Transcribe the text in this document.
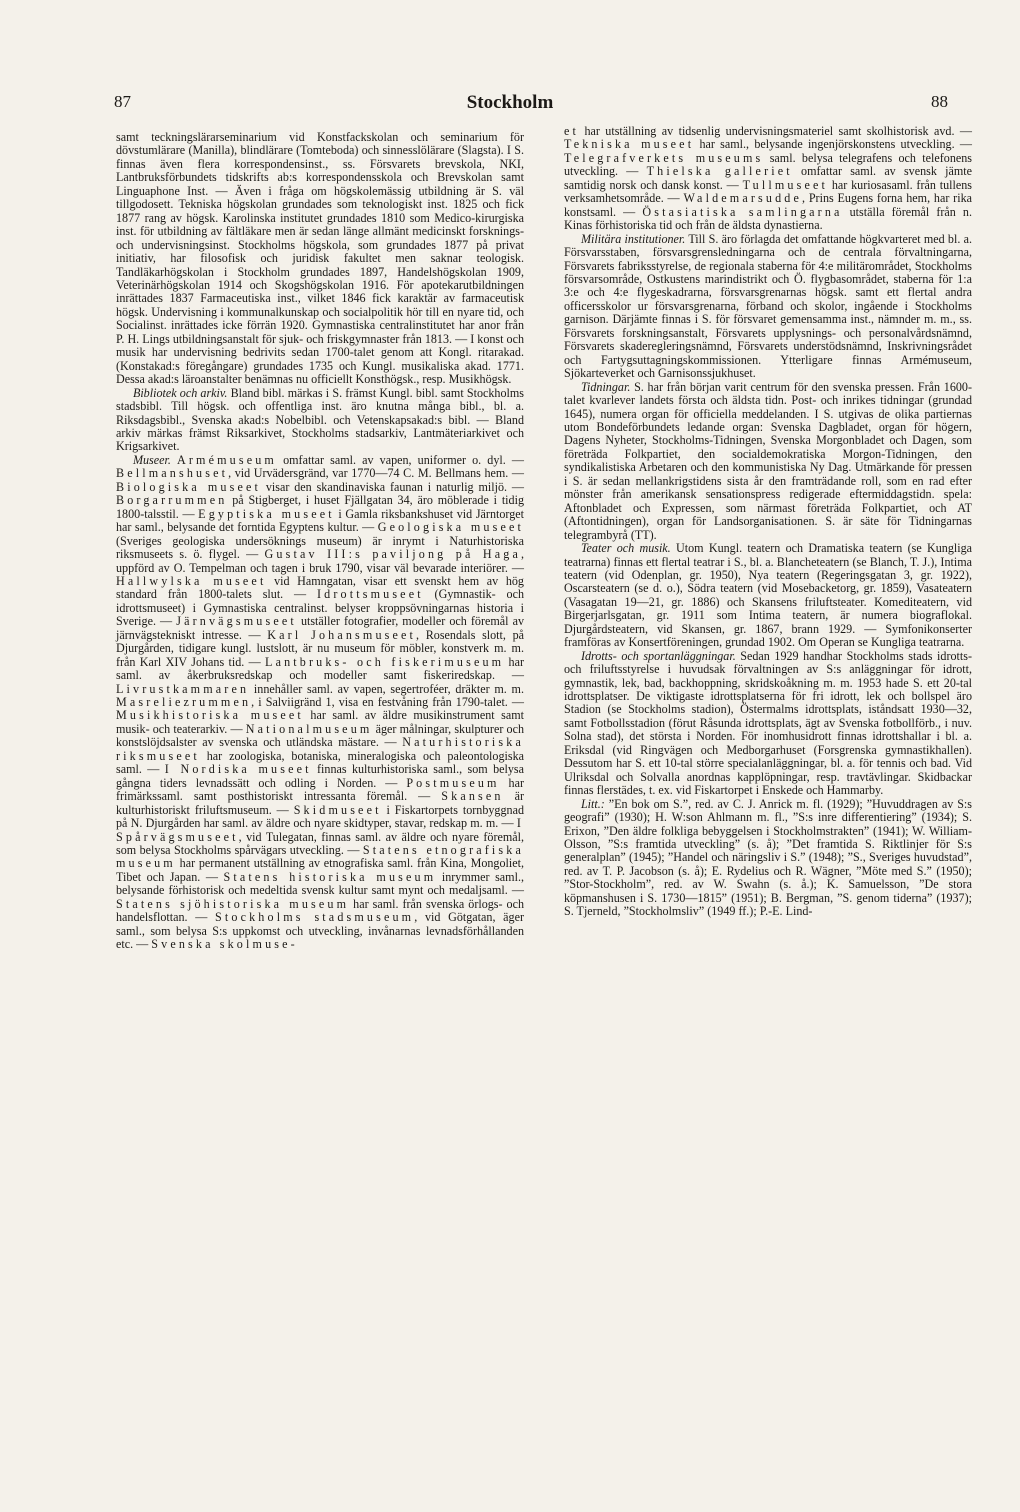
87	Stockholm	88

samt teckningslärarseminarium vid Konstfackskolan och seminarium för dövstumlärare (Manilla), blindlärare (Tomteboda) och sinnesslölärare (Slagsta). I S. finnas även flera korrespondensinst., ss. Försvarets brevskola, NKI, Lantbruksförbundets tidskrifts ab:s korrespondensskola och Brevskolan samt Linguaphone Inst. — Även i fråga om högskolemässig utbildning är S. väl tillgodosett. Tekniska högskolan grundades som teknologiskt inst. 1825 och fick 1877 rang av högsk. Karolinska institutet grundades 1810 som Medico-kirurgiska inst. för utbildning av fältläkare men är sedan länge allmänt medicinskt forsknings- och undervisningsinst. Stockholms högskola, som grundades 1877 på privat initiativ, har filosofisk och juridisk fakultet men saknar teologisk. Tandläkarhögskolan i Stockholm grundades 1897, Handelshögskolan 1909, Veterinärhögskolan 1914 och Skogshögskolan 1916. För apotekarutbildningen inrättades 1837 Farmaceutiska inst., vilket 1846 fick karaktär av farmaceutisk högsk. Undervisning i kommunalkunskap och socialpolitik hör till en nyare tid, och Socialinst. inrättades icke förrän 1920. Gymnastiska centralinstitutet har anor från P. H. Lings utbildningsanstalt för sjuk- och friskgymnaster från 1813. — I konst och musik har undervisning bedrivits sedan 1700-talet genom att Kongl. ritarakad. (Konstakad:s föregångare) grundades 1735 och Kungl. musikaliska akad. 1771. Dessa akad:s läroanstalter benämnas nu officiellt Konsthögsk., resp. Musikhögsk.

Bibliotek och arkiv. Bland bibl. märkas i S. främst Kungl. bibl. samt Stockholms stadsbibl. Till högsk. och offentliga inst. äro knutna många bibl., bl. a. Riksdagsbibl., Svenska akad:s Nobelbibl. och Vetenskapsakad:s bibl. — Bland arkiv märkas främst Riksarkivet, Stockholms stadsarkiv, Lantmäteriarkivet och Krigsarkivet.

Museer. Armémuseum omfattar saml. av vapen, uniformer o. dyl. — Bellmanshuset, vid Urvädersgränd, var 1770—74 C. M. Bellmans hem. — Biologiska museet visar den skandinaviska faunan i naturlig miljö. — Borgarrummen på Stigberget, i huset Fjällgatan 34, äro möblerade i tidig 1800-talsstil. — Egyptiska museet i Gamla riksbankshuset vid Järntorget har saml., belysande det forntida Egyptens kultur. — Geologiska museet (Sveriges geologiska undersöknings museum) är inrymt i Naturhistoriska riksmuseets s. ö. flygel. — Gustav III:s paviljong på Haga, uppförd av O. Tempelman och tagen i bruk 1790, visar väl bevarade interiörer. — Hallwylska museet vid Hamngatan, visar ett svenskt hem av hög standard från 1800-talets slut. — Idrottsmuseet (Gymnastik- och idrottsmuseet) i Gymnastiska centralinst. belyser kroppsövningarnas historia i Sverige. — Järnvägsmuseet utställer fotografier, modeller och föremål av järnvägstekniskt intresse. — Karl Johansmuseet, Rosendals slott, på Djurgården, tidigare kungl. lustslott, är nu museum för möbler, konstverk m. m. från Karl XIV Johans tid. — Lantbruks- och fiskerimuseum har saml. av åkerbruksredskap och modeller samt fiskeriredskap. — Livrustkammaren innehåller saml. av vapen, segertroféer, dräkter m. m. Masreliezrummen, i Salviigränd 1, visa en festvåning från 1790-talet. — Musikhistoriska museet har saml. av äldre musikinstrument samt musik- och teaterarkiv. — Nationalmuseum äger målningar, skulpturer och konstslöjdsalster av svenska och utländska mästare. — Naturhistoriska riksmuseet har zoologiska, botaniska, mineralogiska och paleontologiska saml. — I Nordiska museet finnas kulturhistoriska saml., som belysa gångna tiders levnadssätt och odling i Norden. — Postmuseum har frimärkssaml. samt posthistoriskt intressanta föremål. — Skansen är kulturhistoriskt friluftsmuseum. — Skidmuseet i Fiskartorpets tornbyggnad på N. Djurgården har saml. av äldre och nyare skidtyper, stavar, redskap m. m. — I Spårvägsmuseet, vid Tulegatan, finnas saml. av äldre och nyare föremål, som belysa Stockholms spårvägars utveckling. — Statens etnografiska museum har permanent utställning av etnografiska saml. från Kina, Mongoliet, Tibet och Japan. — Statens historiska museum inrymmer saml., belysande förhistorisk och medeltida svensk kultur samt mynt och medaljsaml. — Statens sjöhistoriska museum har saml. från svenska örlogs- och handelsflottan. — Stockholms stadsmuseum, vid Götgatan, äger saml., som belysa S:s uppkomst och utveckling, invånarnas levnadsförhållanden etc. — Svenska skolmuse-

et har utställning av tidsenlig undervisningsmateriel samt skolhistorisk avd. — Tekniska museet har saml., belysande ingenjörskonstens utveckling. — Telegrafverkets museums saml. belysa telegrafens och telefonens utveckling. — Thielska galleriet omfattar saml. av svensk jämte samtidig norsk och dansk konst. — Tullmuseet har kuriosasaml. från tullens verksamhetsområde. — Waldemarsudde, Prins Eugens forna hem, har rika konstsaml. — Östasiatiska samlingarna utställa föremål från n. Kinas förhistoriska tid och från de äldsta dynastierna.

Militära institutioner. Till S. äro förlagda det omfattande högkvarteret med bl. a. Försvarsstaben, försvarsgrensledningarna och de centrala förvaltningarna, Försvarets fabriksstyrelse, de regionala staberna för 4:e militärområdet, Stockholms försvarsområde, Ostkustens marindistrikt och Ö. flygbasområdet, staberna för 1:a 3:e och 4:e flygeskadrarna, försvarsgrenarnas högsk. samt ett flertal andra officersskolor ur försvarsgrenarna, förband och skolor, ingående i Stockholms garnison. Därjämte finnas i S. för försvaret gemensamma inst., nämnder m. m., ss. Försvarets forskningsanstalt, Försvarets upplysnings- och personalvårdsnämnd, Försvarets skaderegleringsnämnd, Försvarets understödsnämnd, Inskrivningsrådet och Fartygsuttagningskommissionen. Ytterligare finnas Armémuseum, Sjökarteverket och Garnisonssjukhuset.

Tidningar. S. har från början varit centrum för den svenska pressen. Från 1600-talet kvarlever landets första och äldsta tidn. Post- och inrikes tidningar (grundad 1645), numera organ för officiella meddelanden. I S. utgivas de olika partiernas utom Bondeförbundets ledande organ: Svenska Dagbladet, organ för högern, Dagens Nyheter, Stockholms-Tidningen, Svenska Morgonbladet och Dagen, som företräda Folkpartiet, den socialdemokratiska Morgon-Tidningen, den syndikalistiska Arbetaren och den kommunistiska Ny Dag. Utmärkande för pressen i S. är sedan mellankrigstidens sista år den framträdande roll, som en rad efter mönster från amerikansk sensationspress redigerade eftermiddagstidn. spela: Aftonbladet och Expressen, som närmast företräda Folkpartiet, och AT (Aftontidningen), organ för Landsorganisationen. S. är säte för Tidningarnas telegrambyrå (TT).

Teater och musik. Utom Kungl. teatern och Dramatiska teatern (se Kungliga teatrarna) finnas ett flertal teatrar i S., bl. a. Blancheteatern (se Blanch, T. J.), Intima teatern (vid Odenplan, gr. 1950), Nya teatern (Regeringsgatan 3, gr. 1922), Oscarsteatern (se d. o.), Södra teatern (vid Mosebacketorg, gr. 1859), Vasateatern (Vasagatan 19—21, gr. 1886) och Skansens friluftsteater. Komediteatern, vid Birgerjarlsgatan, gr. 1911 som Intima teatern, är numera biograflokal. Djurgårdsteatern, vid Skansen, gr. 1867, brann 1929. — Symfonikonserter framföras av Konsertföreningen, grundad 1902. Om Operan se Kungliga teatrarna.

Idrotts- och sportanläggningar. Sedan 1929 handhar Stockholms stads idrotts- och friluftsstyrelse i huvudsak förvaltningen av S:s anläggningar för idrott, gymnastik, lek, bad, backhoppning, skridskoåkning m. m. 1953 hade S. ett 20-tal idrottsplatser. De viktigaste idrottsplatserna för fri idrott, lek och bollspel äro Stadion (se Stockholms stadion), Östermalms idrottsplats, iståndsatt 1930—32, samt Fotbollsstadion (förut Råsunda idrottsplats, ägt av Svenska fotbollförb., i nuv. Solna stad), det största i Norden. För inomhusidrott finnas idrottshallar i bl. a. Eriksdal (vid Ringvägen och Medborgarhuset (Forsgrenska gymnastikhallen). Dessutom har S. ett 10-tal större specialanläggningar, bl. a. för tennis och bad. Vid Ulriksdal och Solvalla anordnas kapplöpningar, resp. travtävlingar. Skidbackar finnas flerstädes, t. ex. vid Fiskartorpet i Enskede och Hammarby.

Litt.: ”En bok om S.”, red. av C. J. Anrick m. fl. (1929); ”Huvuddragen av S:s geografi” (1930); H. W:son Ahlmann m. fl., ”S:s inre differentiering” (1934); S. Erixon, ”Den äldre folkliga bebyggelsen i Stockholmstrakten” (1941); W. William-Olsson, ”S:s framtida utveckling” (s. å); ”Det framtida S. Riktlinjer för S:s generalplan” (1945); ”Handel och näringsliv i S.” (1948); ”S., Sveriges huvudstad”, red. av T. P. Jacobson (s. å); E. Rydelius och R. Wägner, ”Möte med S.” (1950); ”Stor-Stockholm”, red. av W. Swahn (s. å.); K. Samuelsson, ”De stora köpmanshusen i S. 1730—1815” (1951); B. Bergman, ”S. genom tiderna” (1937); S. Tjerneld, ”Stockholmsliv” (1949 ff.); P.-E. Lind-
